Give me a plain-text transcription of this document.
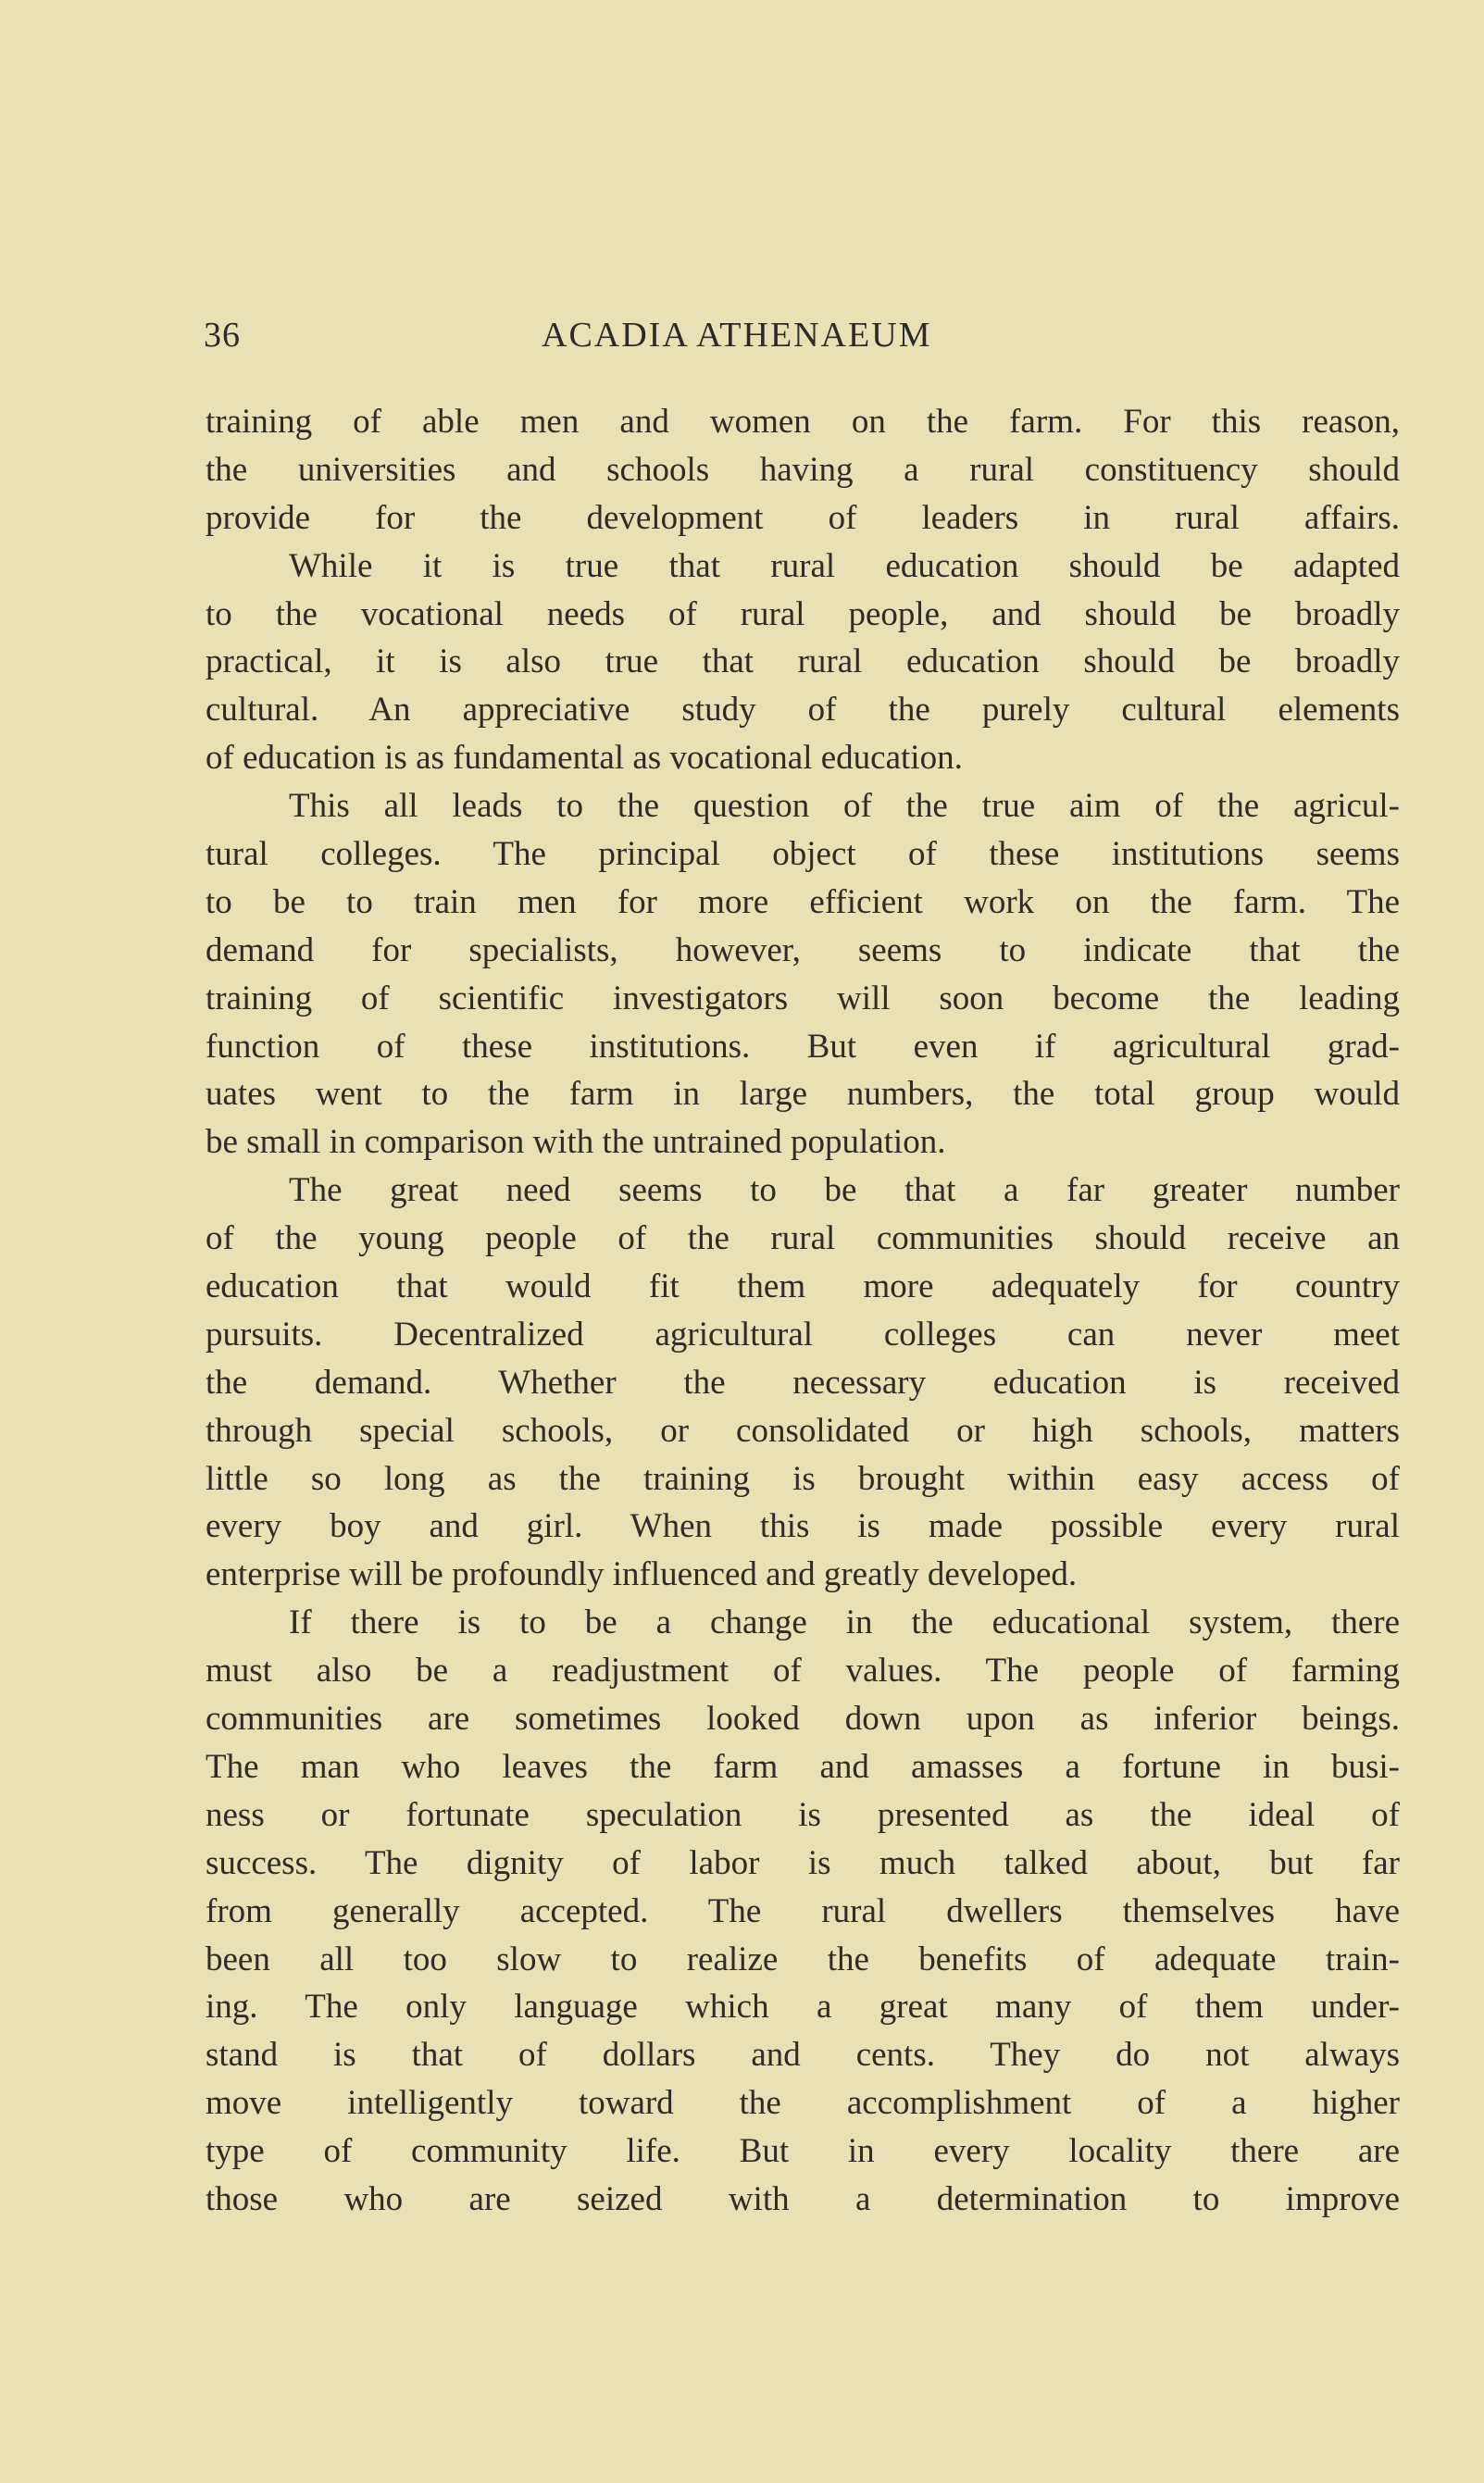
36	ACADIA ATHENAEUM
training of able men and women on the farm. For this reason,
the universities and schools having a rural constituency should
provide for the development of leaders in rural affairs.
While it is true that rural education should be adapted
to the vocational needs of rural people, and should be broadly
practical, it is also true that rural education should be broadly
cultural. An appreciative study of the purely cultural elements
of education is as fundamental as vocational education.
This all leads to the question of the true aim of the agricul-
tural colleges. The principal object of these institutions seems
to be to train men for more efficient work on the farm. The
demand for specialists, however, seems to indicate that the
training of scientific investigators will soon become the leading
function of these institutions. But even if agricultural grad-
uates went to the farm in large numbers, the total group would
be small in comparison with the untrained population.
The great need seems to be that a far greater number
of the young people of the rural communities should receive an
education that would fit them more adequately for country
pursuits. Decentralized agricultural colleges can never meet
the demand. Whether the necessary education is received
through special schools, or consolidated or high schools, matters
little so long as the training is brought within easy access of
every boy and girl. When this is made possible every rural
enterprise will be profoundly influenced and greatly developed.
If there is to be a change in the educational system, there
must also be a readjustment of values. The people of farming
communities are sometimes looked down upon as inferior beings.
The man who leaves the farm and amasses a fortune in busi-
ness or fortunate speculation is presented as the ideal of
success. The dignity of labor is much talked about, but far
from generally accepted. The rural dwellers themselves have
been all too slow to realize the benefits of adequate train-
ing. The only language which a great many of them under-
stand is that of dollars and cents. They do not always
move intelligently toward the accomplishment of a higher
type of community life. But in every locality there are
those who are seized with a determination to improve
